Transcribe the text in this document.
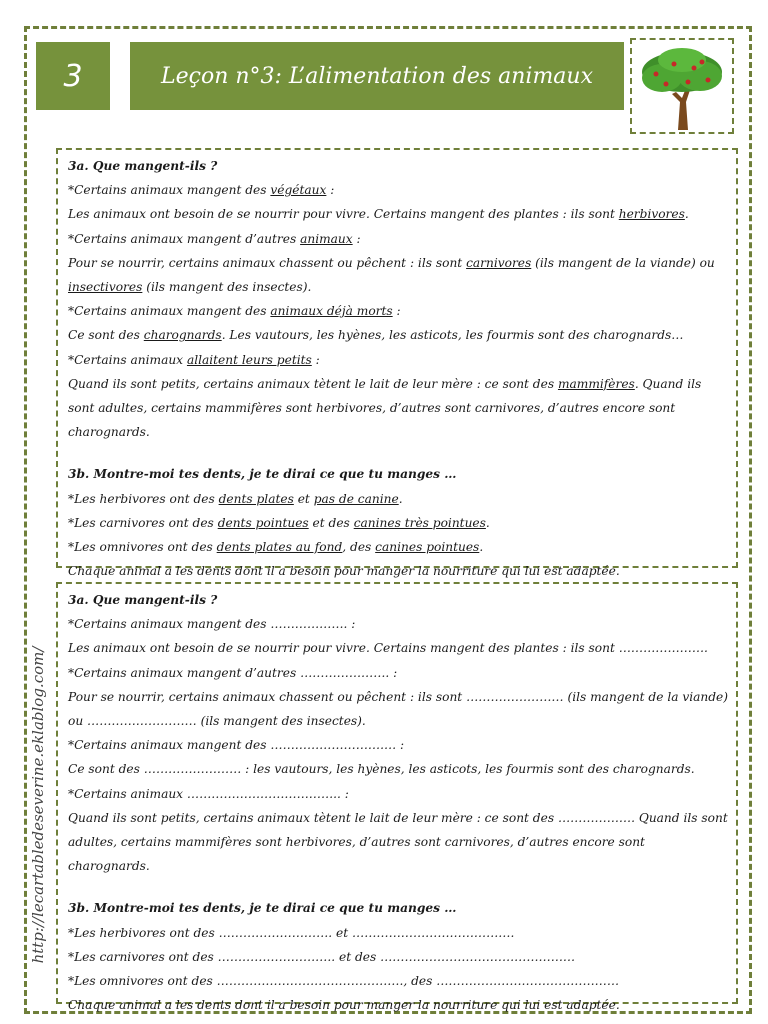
3	Leçon n°3: L’alimentation des animaux
http://lecartabledeseverine.eklablog.com/
3a. Que mangent-ils ?
*Certains animaux mangent des végétaux :
Les animaux ont besoin de se nourrir pour vivre. Certains mangent des plantes : ils sont herbivores.
*Certains animaux mangent d’autres animaux :
Pour se nourrir, certains animaux chassent ou pêchent : ils sont carnivores (ils mangent de la viande) ou insectivores (ils mangent des insectes).
*Certains animaux mangent des animaux déjà morts :
Ce sont des charognards. Les vautours, les hyènes, les asticots, les fourmis sont des charognards…
*Certains animaux allaitent leurs petits :
Quand ils sont petits, certains animaux tètent le lait de leur mère : ce sont des mammifères. Quand ils sont adultes, certains mammifères sont herbivores, d’autres sont carnivores, d’autres encore sont charognards.
3b. Montre-moi tes dents, je te dirai ce que tu manges …
*Les herbivores ont des dents plates et pas de canine.
*Les carnivores ont des dents pointues et des canines très pointues.
*Les omnivores ont des dents plates au fond, des canines pointues.
Chaque animal a les dents dont il a besoin pour manger la nourriture qui lui est adaptée.
3a. Que mangent-ils ?
*Certains animaux mangent des ………………. :
Les animaux ont besoin de se nourrir pour vivre. Certains mangent des plantes : ils sont ………………….
*Certains animaux mangent d’autres …………………. :
Pour se nourrir, certains animaux chassent ou pêchent : ils sont …………………… (ils mangent de la viande) ou ……………………… (ils mangent des insectes).
*Certains animaux mangent des ……………………….… :
Ce sont des …………………… : les vautours, les hyènes, les asticots, les fourmis sont des charognards.
*Certains animaux ……………………………….. :
Quand ils sont petits, certains animaux tètent le lait de leur mère : ce sont des ………………. Quand ils sont adultes, certains mammifères sont herbivores, d’autres sont carnivores, d’autres encore sont charognards.
3b. Montre-moi tes dents, je te dirai ce que tu manges …
*Les herbivores ont des ………………………. et ………………………………….
*Les carnivores ont des ……………………….. et des …………………………………………
*Les omnivores ont des ………………………………………., des ………………………………………
Chaque animal a les dents dont il a besoin pour manger la nourriture qui lui est adaptée.
